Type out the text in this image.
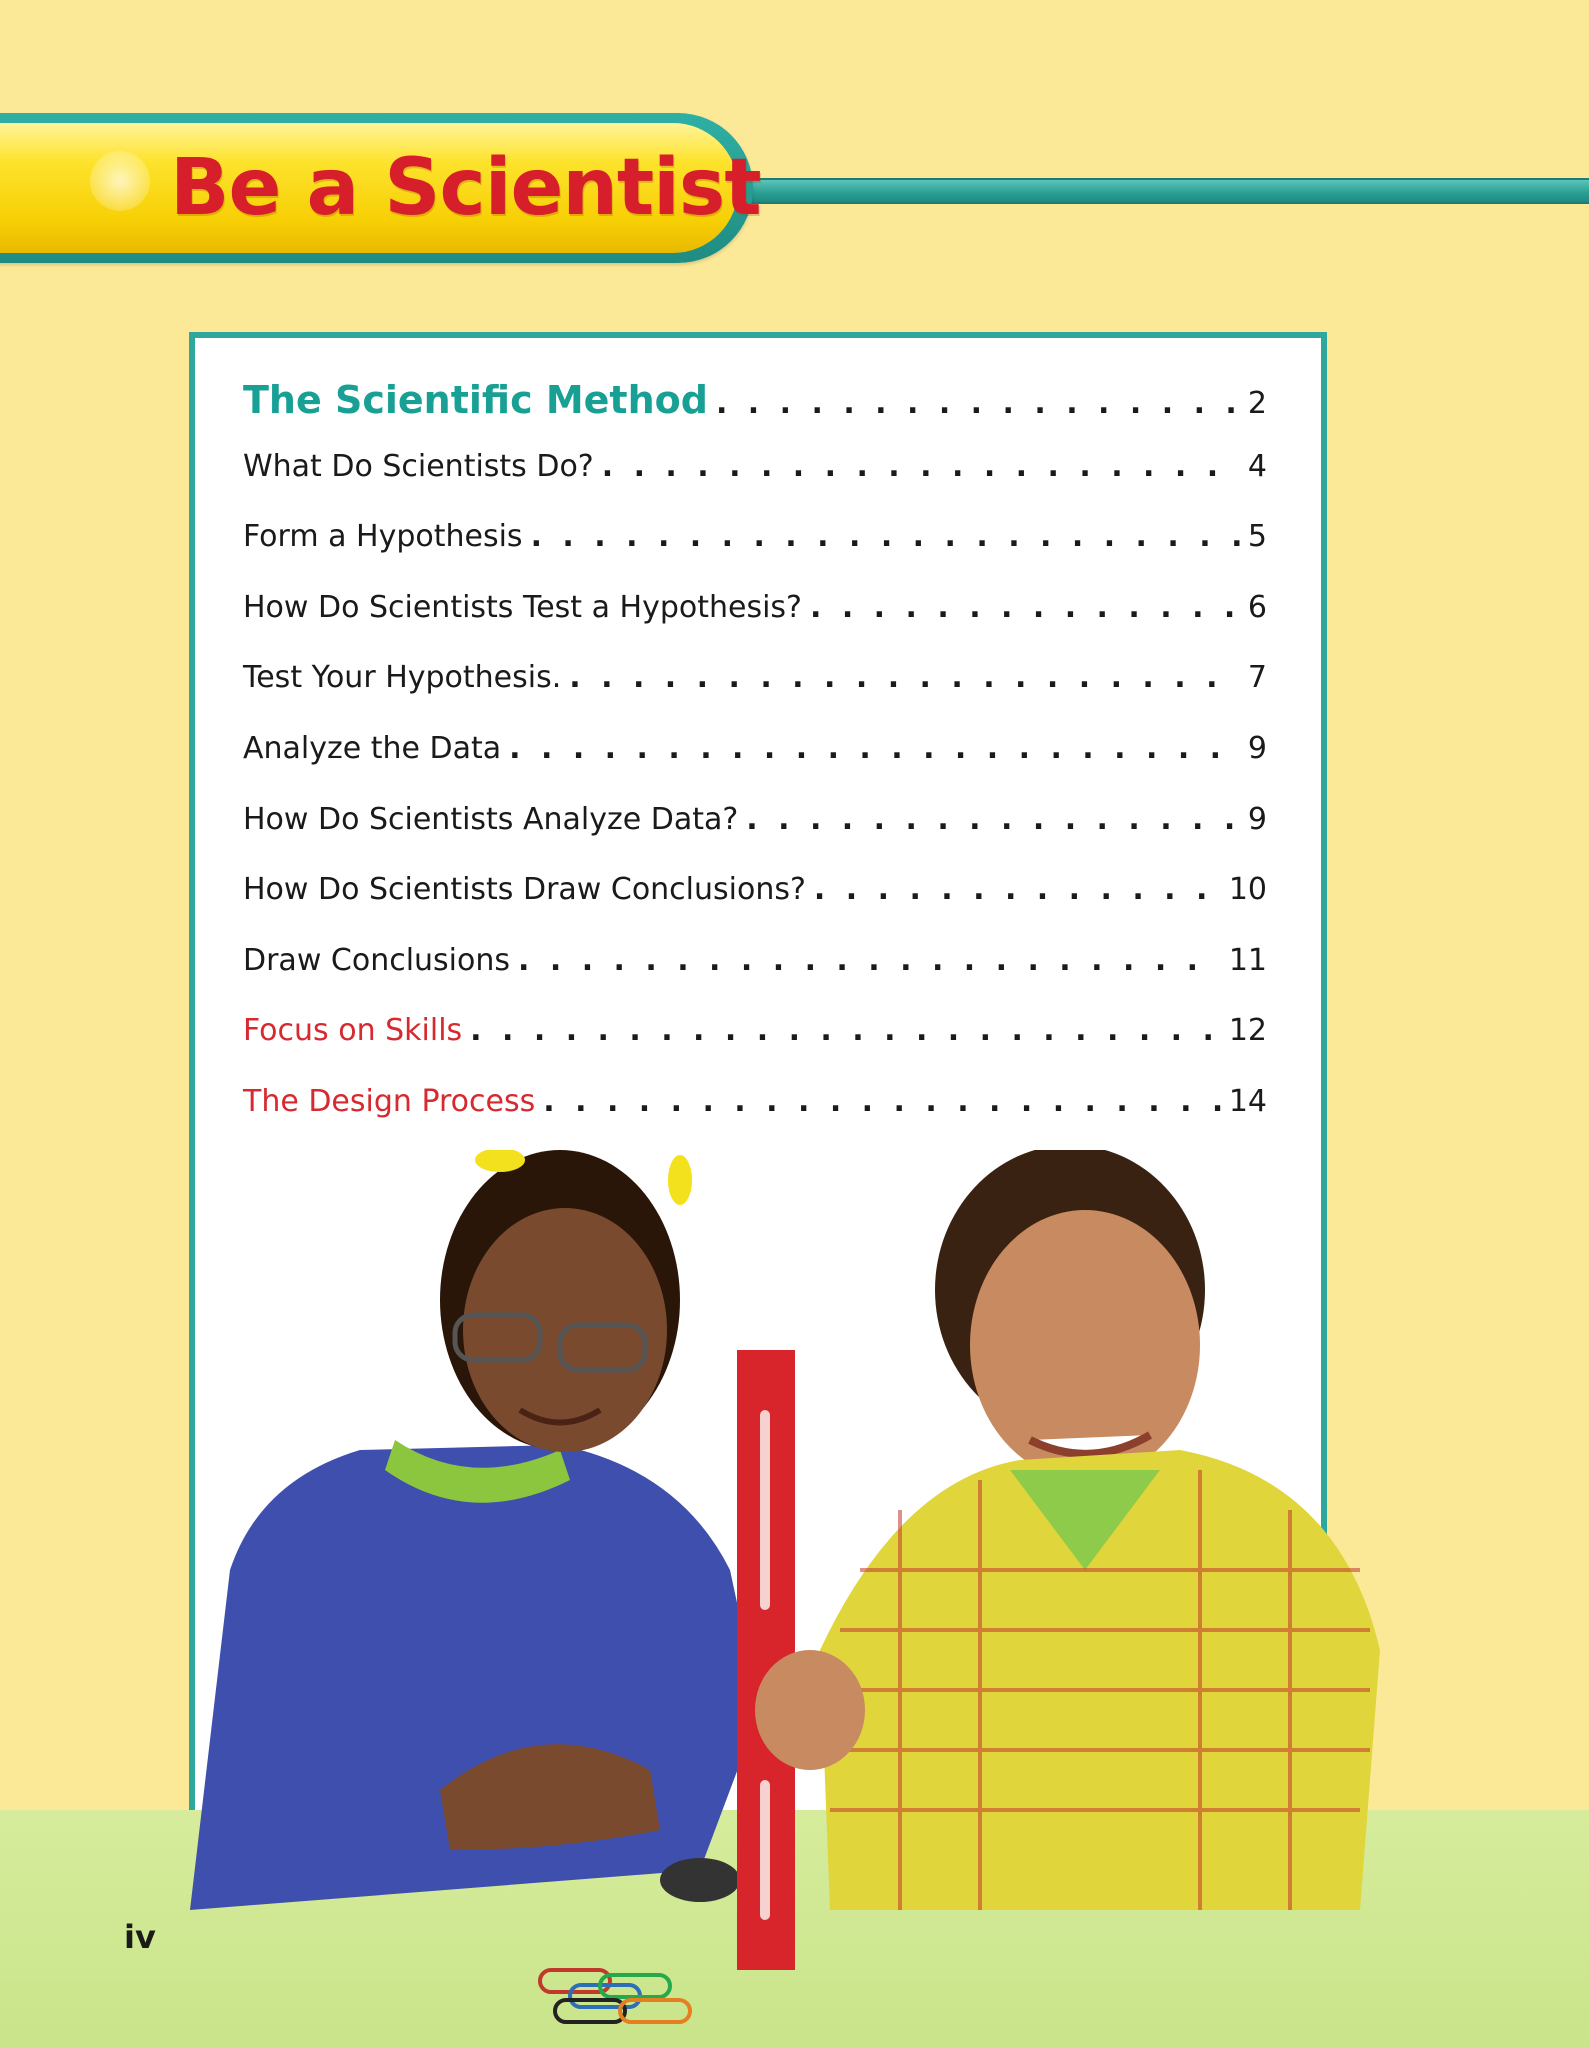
Be a Scientist
The Scientific Method . . .	2
What Do Scientists Do? . . .	4
Form a Hypothesis . . .	5
How Do Scientists Test a Hypothesis? . . .	6
Test Your Hypothesis. . . .	7
Analyze the Data . . .	9
How Do Scientists Analyze Data? . . .	9
How Do Scientists Draw Conclusions? . . .	10
Draw Conclusions . . .	11
Focus on Skills . . .	12
The Design Process . . .	14

iv
